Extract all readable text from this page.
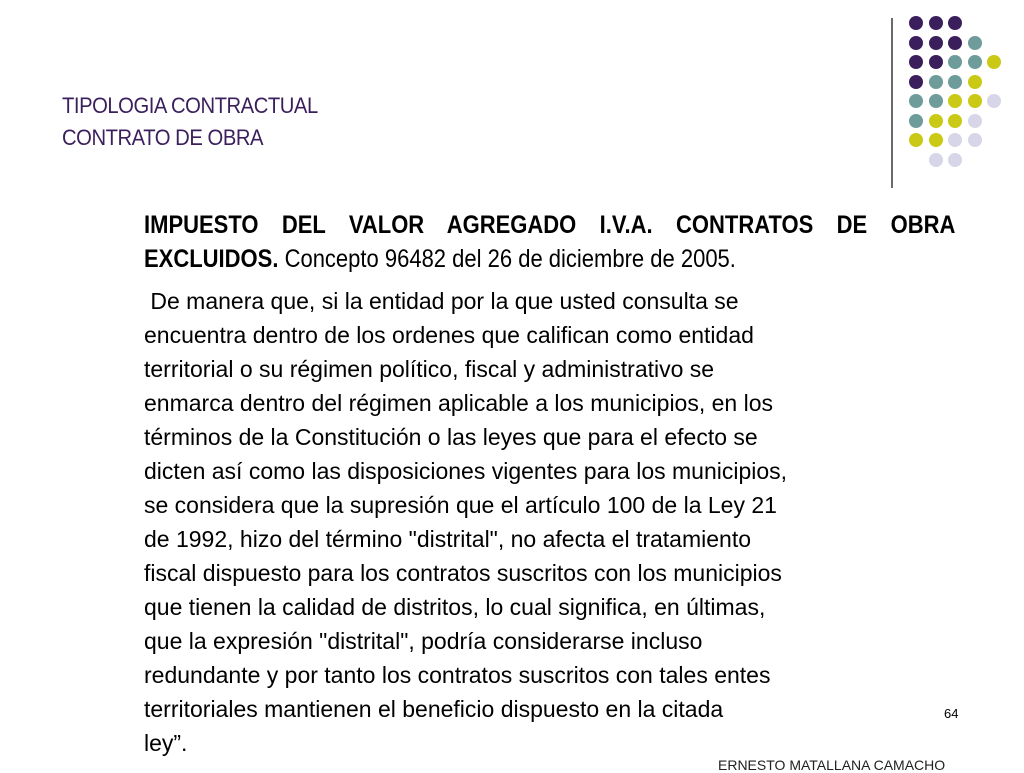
TIPOLOGIA CONTRACTUAL
CONTRATO DE OBRA
IMPUESTO DEL VALOR AGREGADO I.V.A. CONTRATOS DE OBRA EXCLUIDOS. Concepto 96482 del 26 de diciembre de 2005.
De manera que, si la entidad por la que usted consulta se
encuentra dentro de los ordenes que califican como entidad
territorial o su régimen político, fiscal y administrativo se
enmarca dentro del régimen aplicable a los municipios, en los
términos de la Constitución o las leyes que para el efecto se
dicten así como las disposiciones vigentes para los municipios,
se considera que la supresión que el artículo 100 de la Ley 21
de 1992, hizo del término "distrital", no afecta el tratamiento
fiscal dispuesto para los contratos suscritos con los municipios
que tienen la calidad de distritos, lo cual significa, en últimas,
que la expresión "distrital", podría considerarse incluso
redundante y por tanto los contratos suscritos con tales entes
territoriales mantienen el beneficio dispuesto en la citada
ley”.
64
ERNESTO MATALLANA CAMACHO
